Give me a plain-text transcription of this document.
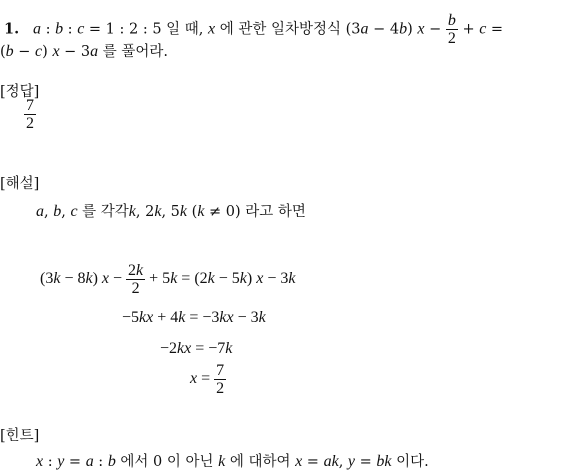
1. a : b : c = 1 : 2 : 5 일 때, x 에 관한 일차방정식 (3a − 4b) $x - \frac{b}{2} + c$ =
(b − c) x − 3a 를 풀어라.
[정답]
$\frac{7}{2}$
[해설]
a, b, c 를 각각k, 2k, 5k (k ≠ 0) 라고 하면
(3k − 8k) $x - \frac{2k}{2} + 5k = (2k - 5k) x - 3k$
−5kx + 4k = −3kx − 3k
−2kx = −7k
$x = \frac{7}{2}$
[힌트]
x : y = a : b 에서 0 이 아닌 k 에 대하여 x = ak, y = bk 이다.
